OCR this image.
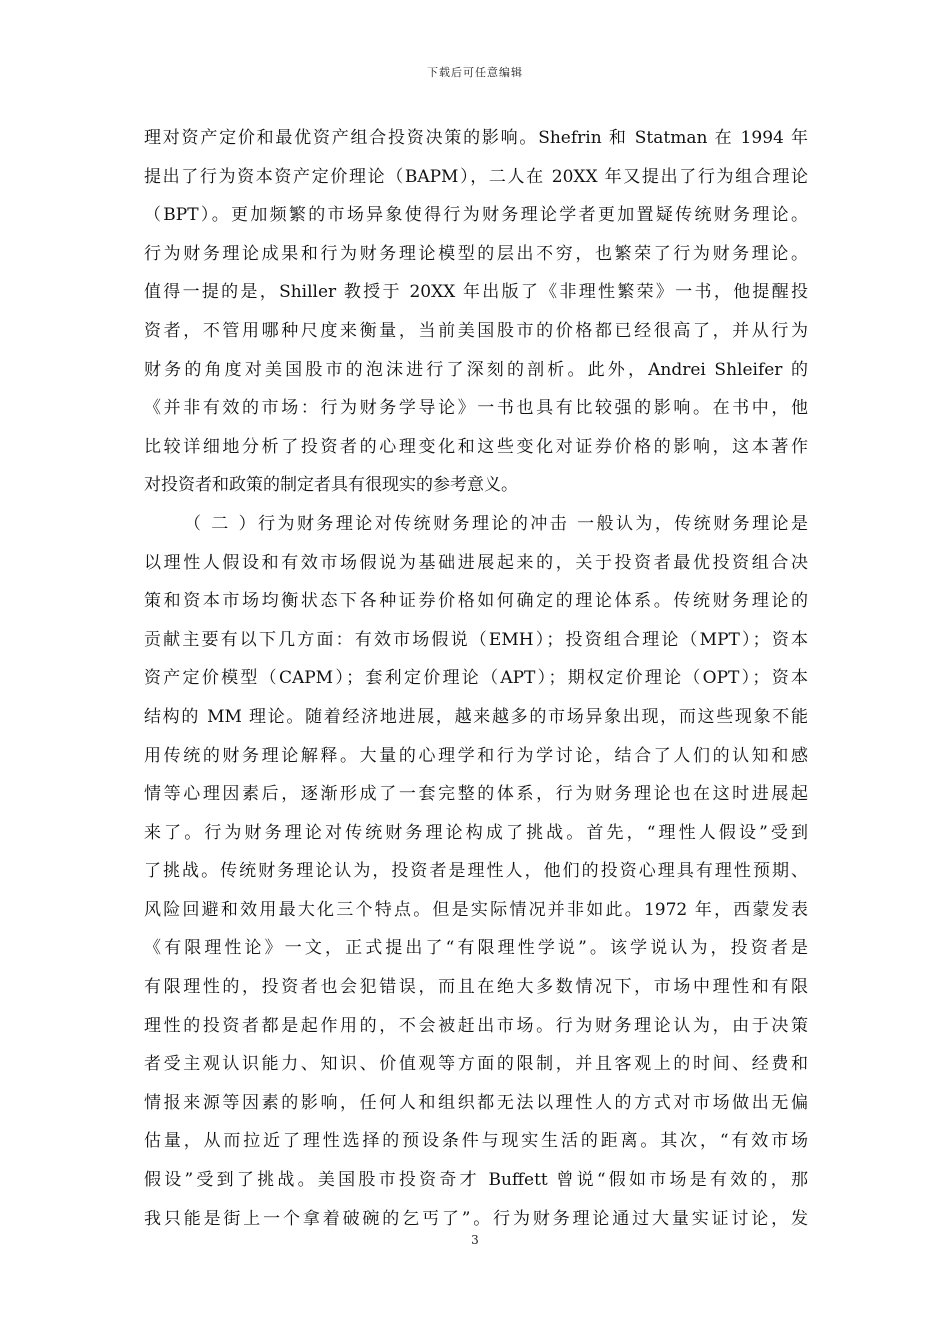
下载后可任意编辑
理对资产定价和最优资产组合投资决策的影响。Shefrin 和 Statman 在 1994 年
提出了行为资本资产定价理论（BAPM），二人在 20XX 年又提出了行为组合理论
（BPT）。更加频繁的市场异象使得行为财务理论学者更加置疑传统财务理论。
行为财务理论成果和行为财务理论模型的层出不穷，也繁荣了行为财务理论。
值得一提的是，Shiller 教授于 20XX 年出版了《非理性繁荣》一书，他提醒投
资者，不管用哪种尺度来衡量，当前美国股市的价格都已经很高了，并从行为
财务的角度对美国股市的泡沫进行了深刻的剖析。此外，Andrei Shleifer 的
《并非有效的市场：行为财务学导论》一书也具有比较强的影响。在书中，他
比较详细地分析了投资者的心理变化和这些变化对证券价格的影响，这本著作
对投资者和政策的制定者具有很现实的参考意义。
（ 二 ）行为财务理论对传统财务理论的冲击 一般认为，传统财务理论是
以理性人假设和有效市场假说为基础进展起来的，关于投资者最优投资组合决
策和资本市场均衡状态下各种证券价格如何确定的理论体系。传统财务理论的
贡献主要有以下几方面：有效市场假说（EMH）；投资组合理论（MPT）；资本
资产定价模型（CAPM）；套利定价理论（APT）；期权定价理论（OPT）；资本
结构的 MM 理论。随着经济地进展，越来越多的市场异象出现，而这些现象不能
用传统的财务理论解释。大量的心理学和行为学讨论，结合了人们的认知和感
情等心理因素后，逐渐形成了一套完整的体系，行为财务理论也在这时进展起
来了。行为财务理论对传统财务理论构成了挑战。首先，“理性人假设”受到
了挑战。传统财务理论认为，投资者是理性人，他们的投资心理具有理性预期、
风险回避和效用最大化三个特点。但是实际情况并非如此。1972 年，西蒙发表
《有限理性论》一文，正式提出了“有限理性学说”。该学说认为，投资者是
有限理性的，投资者也会犯错误，而且在绝大多数情况下，市场中理性和有限
理性的投资者都是起作用的，不会被赶出市场。行为财务理论认为，由于决策
者受主观认识能力、知识、价值观等方面的限制，并且客观上的时间、经费和
情报来源等因素的影响，任何人和组织都无法以理性人的方式对市场做出无偏
估量，从而拉近了理性选择的预设条件与现实生活的距离。其次，“有效市场
假设”受到了挑战。美国股市投资奇才 Buffett 曾说“假如市场是有效的，那
我只能是街上一个拿着破碗的乞丐了”。行为财务理论通过大量实证讨论，发
3
